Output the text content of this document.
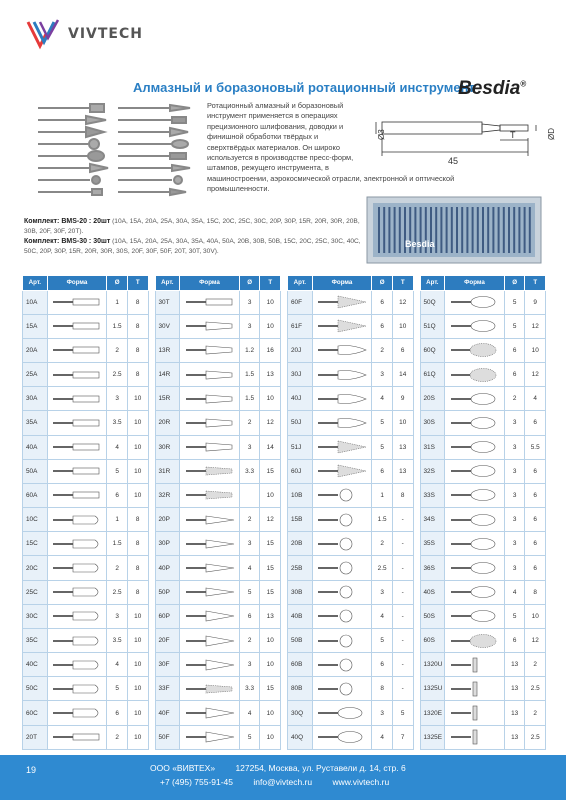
VIVTECH
Алмазный и боразоновый ротационный инструмент
Besdia®
Ротационный алмазный и боразоновый инструмент применяется в операциях прецизионного шлифования, доводки и финишной обработки твёрдых и сверхтвёрдых материалов. Он широко используется в производстве пресс-форм, штампов, режущего инструмента, в
машиностроении, аэрокосмической отрасли, электронной и оптической промышленности.
Ø3
45
T	ØD
Besdia
Комплект: BMS-20 : 20шт (10A, 15A, 20A, 25A, 30A, 35A, 15C, 20C, 25C, 30C, 20P, 30P, 15R, 20R, 30R, 20B, 30B, 20F, 30F, 20T).
Комплект: BMS-30 : 30шт (10A, 15A, 20A, 25A, 30A, 35A, 40A, 50A, 20B, 30B, 50B, 15C, 20C, 25C, 30C, 40C, 50C, 20P, 30P, 15R, 20R, 30R, 30S, 20F, 30F, 50F, 20T, 30T, 30V).
Арт.	Форма	Ø	T
10A		1	8
15A		1.5	8
20A		2	8
25A		2.5	8
30A		3	10
35A		3.5	10
40A		4	10
50A		5	10
60A		6	10
10C		1	8
15C		1.5	8
20C		2	8
25C		2.5	8
30C		3	10
35C		3.5	10
40C		4	10
50C		5	10
60C		6	10
20T		2	10
Арт.	Форма	Ø	T
30T		3	10
30V		3	10
13R		1.2	16
14R		1.5	13
15R		1.5	10
20R		2	12
30R		3	14
31R		3.3	15
32R			10
20P		2	12
30P		3	15
40P		4	15
50P		5	15
60P		6	13
20F		2	10
30F		3	10
33F		3.3	15
40F		4	10
50F		5	10
Арт.	Форма	Ø	T
60F		6	12
61F		6	10
20J		2	6
30J		3	14
40J		4	9
50J		5	10
51J		5	13
60J		6	13
10B		1	8
15B		1.5	-
20B		2	-
25B		2.5	-
30B		3	-
40B		4	-
50B		5	-
60B		6	-
80B		8	-
30Q		3	5
40Q		4	7
Арт.	Форма	Ø	T
50Q		5	9
51Q		5	12
60Q		6	10
61Q		6	12
20S		2	4
30S		3	6
31S		3	5.5
32S		3	6
33S		3	6
34S		3	6
35S		3	6
36S		3	6
40S		4	8
50S		5	10
60S		6	12
1320U		13	2
1325U		13	2.5
1320E		13	2
1325E		13	2.5
19	ООО «ВИВТЕХ» 127254, Москва, ул. Руставели д. 14, стр. 6
+7 (495) 755-91-45 info@vivtech.ru www.vivtech.ru
